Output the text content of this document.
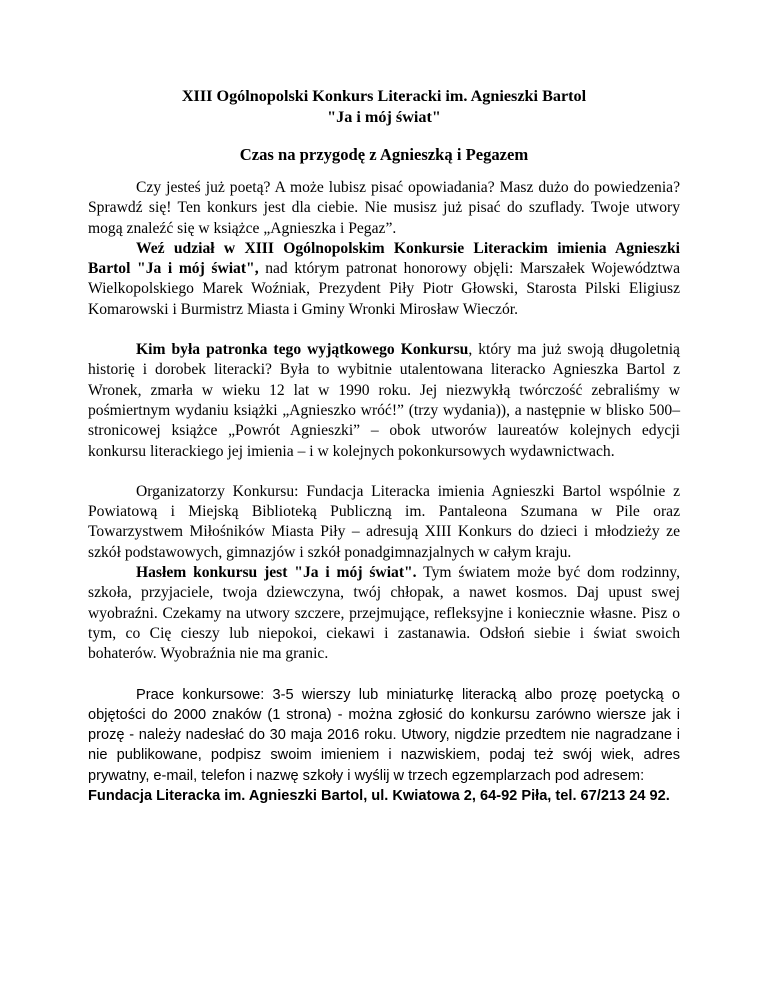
XIII Ogólnopolski Konkurs Literacki im. Agnieszki Bartol
"Ja i mój świat"
Czas na przygodę z Agnieszką i Pegazem

Czy jesteś już poetą? A może lubisz pisać opowiadania? Masz dużo do powiedzenia? Sprawdź się! Ten konkurs jest dla ciebie. Nie musisz już pisać do szuflady. Twoje utwory mogą znaleźć się w książce „Agnieszka i Pegaz”.

Weź udział w XIII Ogólnopolskim Konkursie Literackim imienia Agnieszki Bartol "Ja i mój świat", nad którym patronat honorowy objęli: Marszałek Województwa Wielkopolskiego Marek Woźniak, Prezydent Piły Piotr Głowski, Starosta Pilski Eligiusz Komarowski i Burmistrz Miasta i Gminy Wronki Mirosław Wieczór.

Kim była patronka tego wyjątkowego Konkursu, który ma już swoją długoletnią historię i dorobek literacki? Była to wybitnie utalentowana literacko Agnieszka Bartol z Wronek, zmarła w wieku 12 lat w 1990 roku. Jej niezwykłą twórczość zebraliśmy w pośmiertnym wydaniu książki „Agnieszko wróć!” (trzy wydania)), a następnie w blisko 500–stronicowej książce „Powrót Agnieszki” – obok utworów laureatów kolejnych edycji konkursu literackiego jej imienia – i w kolejnych pokonkursowych wydawnictwach.

Organizatorzy Konkursu: Fundacja Literacka imienia Agnieszki Bartol wspólnie z Powiatową i Miejską Biblioteką Publiczną im. Pantaleona Szumana w Pile oraz Towarzystwem Miłośników Miasta Piły – adresują XIII Konkurs do dzieci i młodzieży ze szkół podstawowych, gimnazjów i szkół ponadgimnazjalnych w całym kraju.

Hasłem konkursu jest "Ja i mój świat". Tym światem może być dom rodzinny, szkoła, przyjaciele, twoja dziewczyna, twój chłopak, a nawet kosmos. Daj upust swej wyobraźni. Czekamy na utwory szczere, przejmujące, refleksyjne i koniecznie własne. Pisz o tym, co Cię cieszy lub niepokoi, ciekawi i zastanawia. Odsłoń siebie i świat swoich bohaterów. Wyobraźnia nie ma granic.

Prace konkursowe: 3-5 wierszy lub miniaturkę literacką albo prozę poetycką o objętości do 2000 znaków (1 strona) - można zgłosić do konkursu zarówno wiersze jak i prozę - należy nadesłać do 30 maja 2016 roku. Utwory, nigdzie przedtem nie nagradzane i nie publikowane, podpisz swoim imieniem i nazwiskiem, podaj też swój wiek, adres prywatny, e-mail, telefon i nazwę szkoły i wyślij w trzech egzemplarzach pod adresem:

Fundacja Literacka im. Agnieszki Bartol, ul. Kwiatowa 2, 64-92 Piła, tel. 67/213 24 92.
